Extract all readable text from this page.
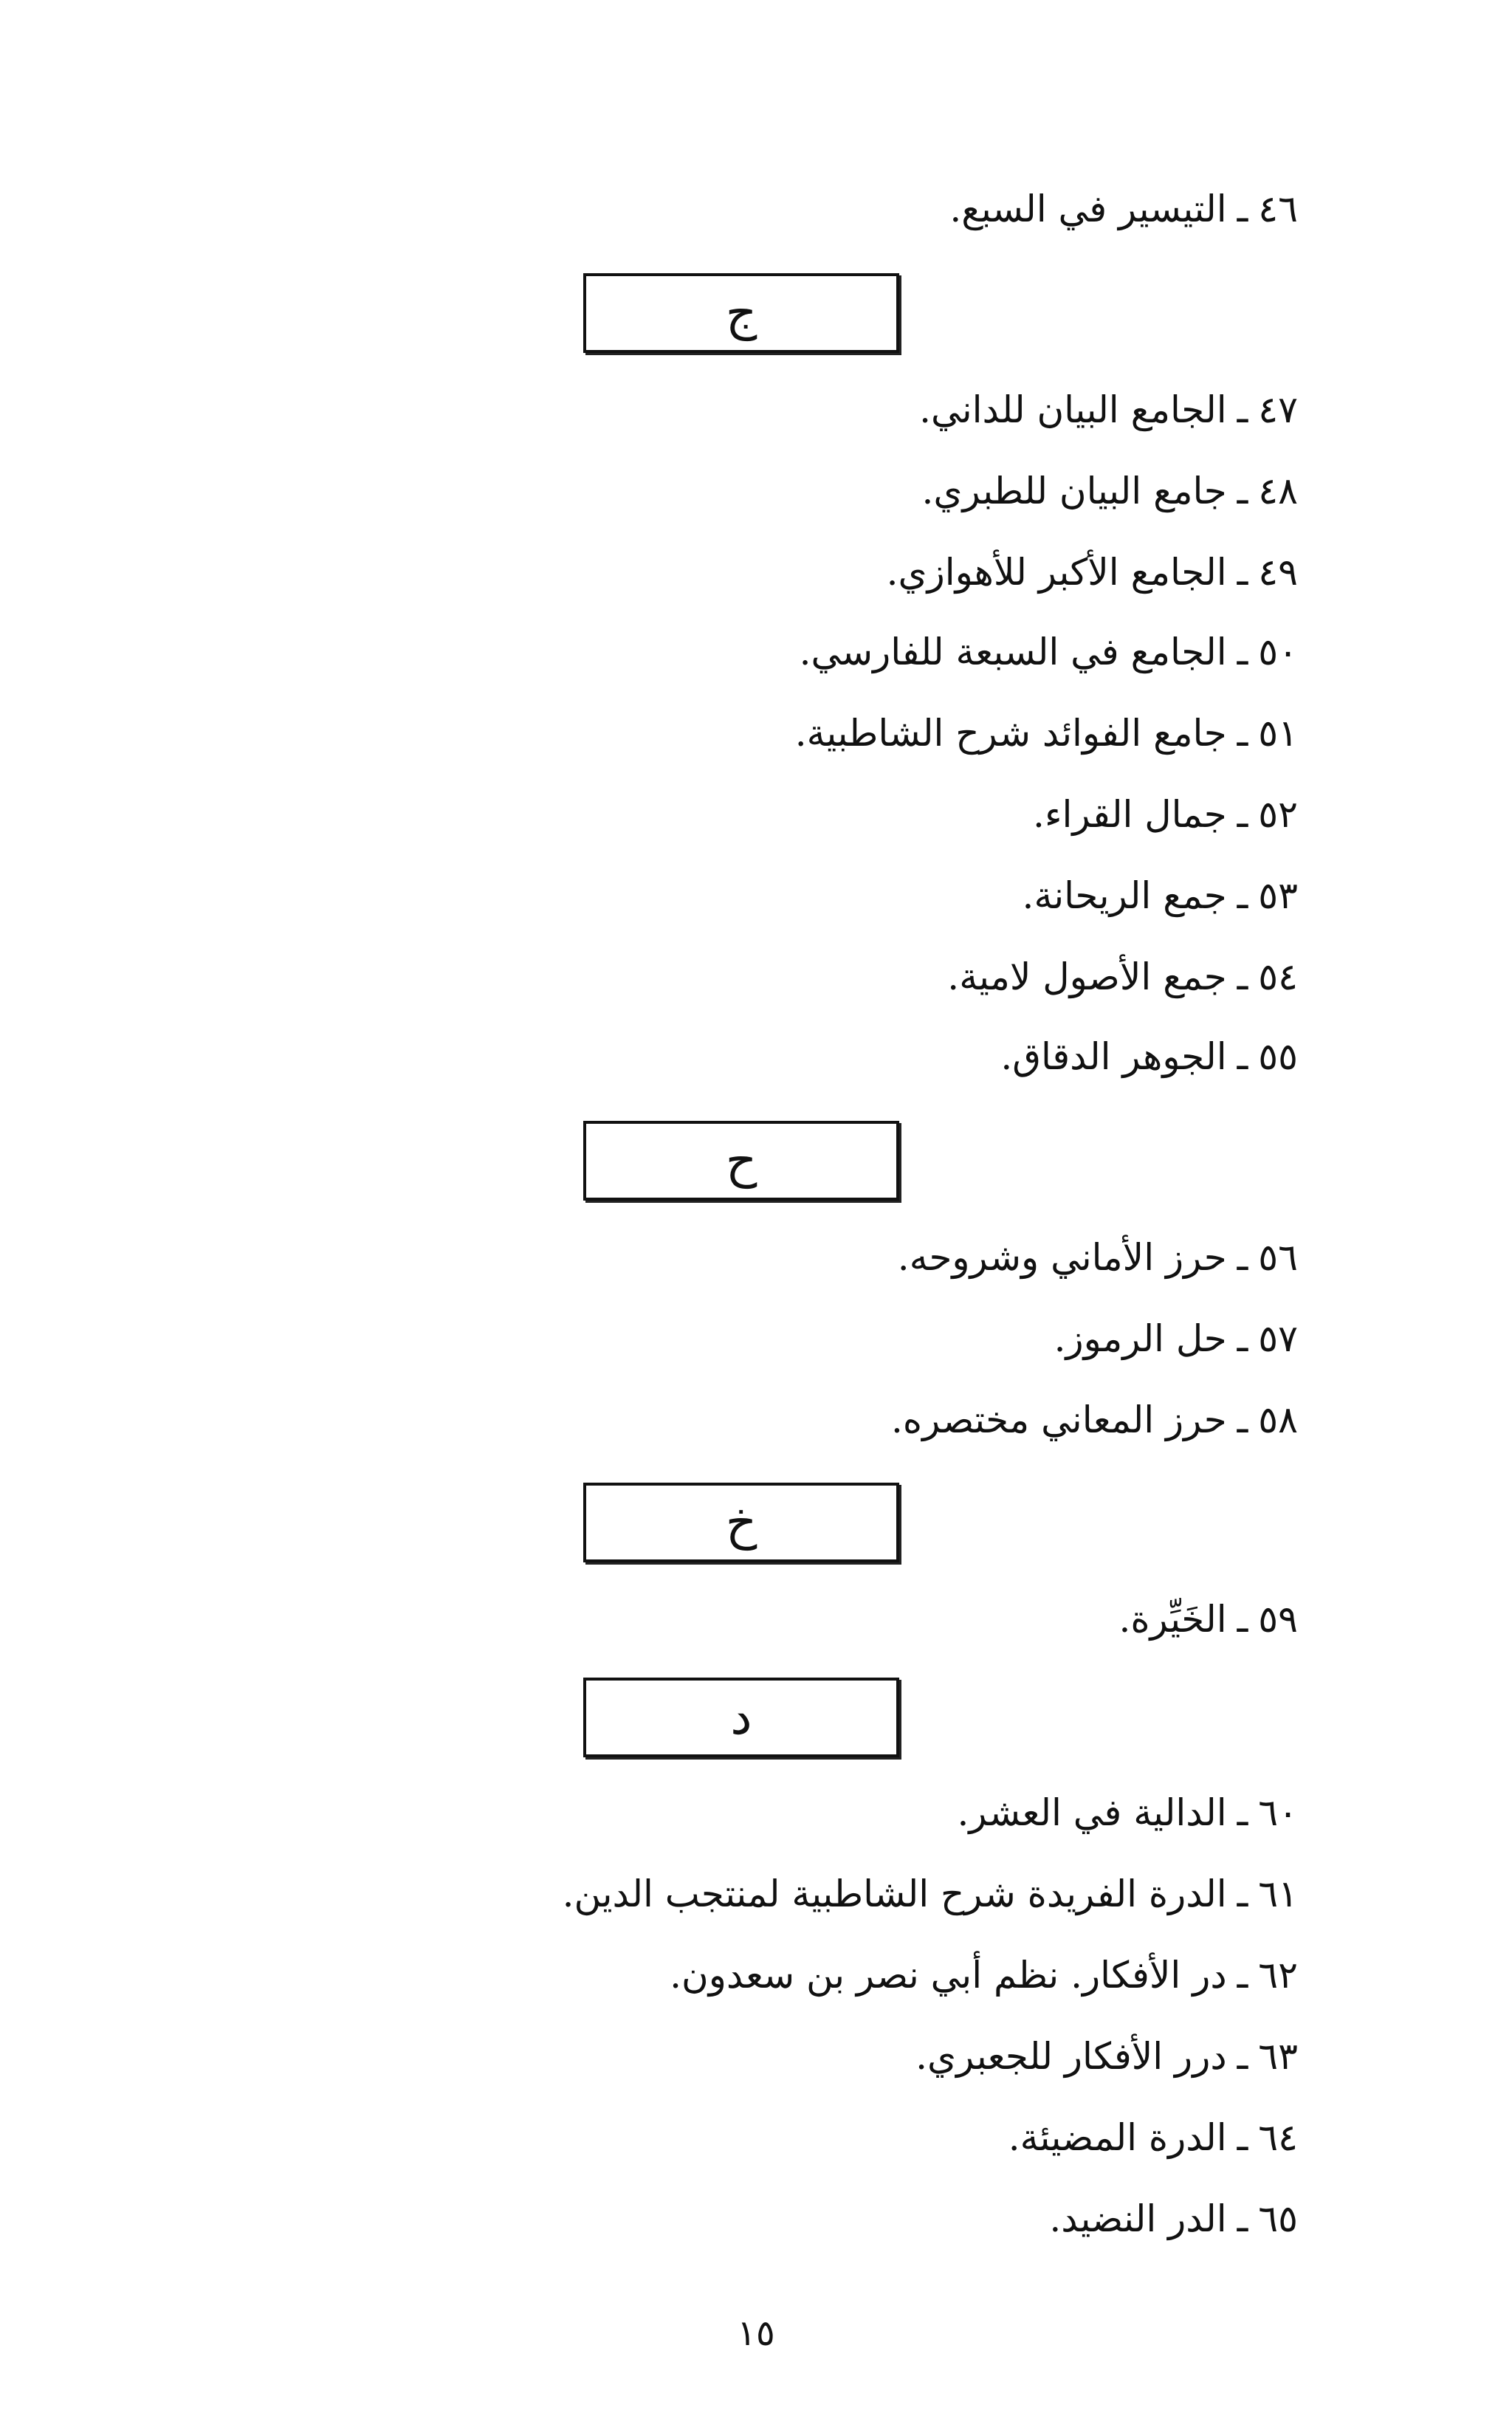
٤٦ـالتيسير في السبع.
ج
٤٧ـالجامع البيان للداني.
٤٨ـجامع البيان للطبري.
٤٩ـالجامع الأكبر للأهوازي.
٥٠ـالجامع في السبعة للفارسي.
٥١ـجامع الفوائد شرح الشاطبية.
٥٢ـجمال القراء.
٥٣ـجمع الريحانة.
٥٤ـجمع الأصول لامية.
٥٥ـالجوهر الدقاق.
ح
٥٦ـحرز الأماني وشروحه.
٥٧ـحل الرموز.
٥٨ـحرز المعاني مختصره.
خ
٥٩ـالخَيِّرة.
د
٦٠ـالدالية في العشر.
٦١ـالدرة الفريدة شرح الشاطبية لمنتجب الدين.
٦٢ـدر الأفكار. نظم أبي نصر بن سعدون.
٦٣ـدرر الأفكار للجعبري.
٦٤ـالدرة المضيئة.
٦٥ـالدر النضيد.
١٥
